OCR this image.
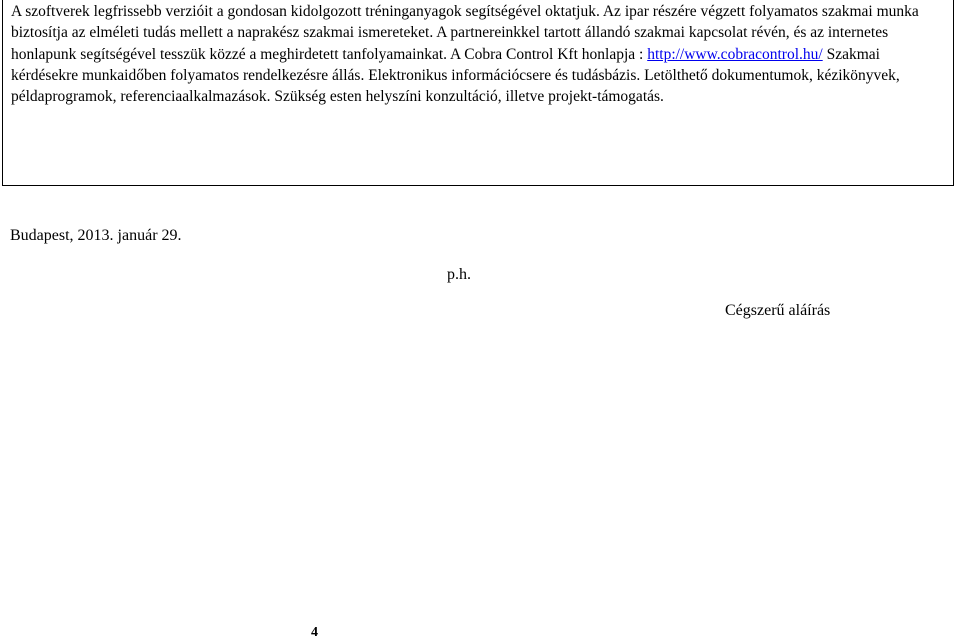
A szoftverek legfrissebb verzióit a gondosan kidolgozott tréninganyagok segítségével oktatjuk. Az ipar részére végzett folyamatos szakmai munka biztosítja az elméleti tudás mellett a naprakész szakmai ismereteket. A partnereinkkel tartott állandó szakmai kapcsolat révén, és az internetes honlapunk segítségével tesszük közzé a meghirdetett tanfolyamainkat. A Cobra Control Kft honlapja : http://www.cobracontrol.hu/ Szakmai kérdésekre munkaidőben folyamatos rendelkezésre állás. Elektronikus információcsere és tudásbázis. Letölthető dokumentumok, kézikönyvek, példaprogramok, referenciaalkalmazások. Szükség esten helyszíni konzultáció, illetve projekt-támogatás.
Budapest, 2013. január 29.
p.h.
Cégszerű aláírás
4
